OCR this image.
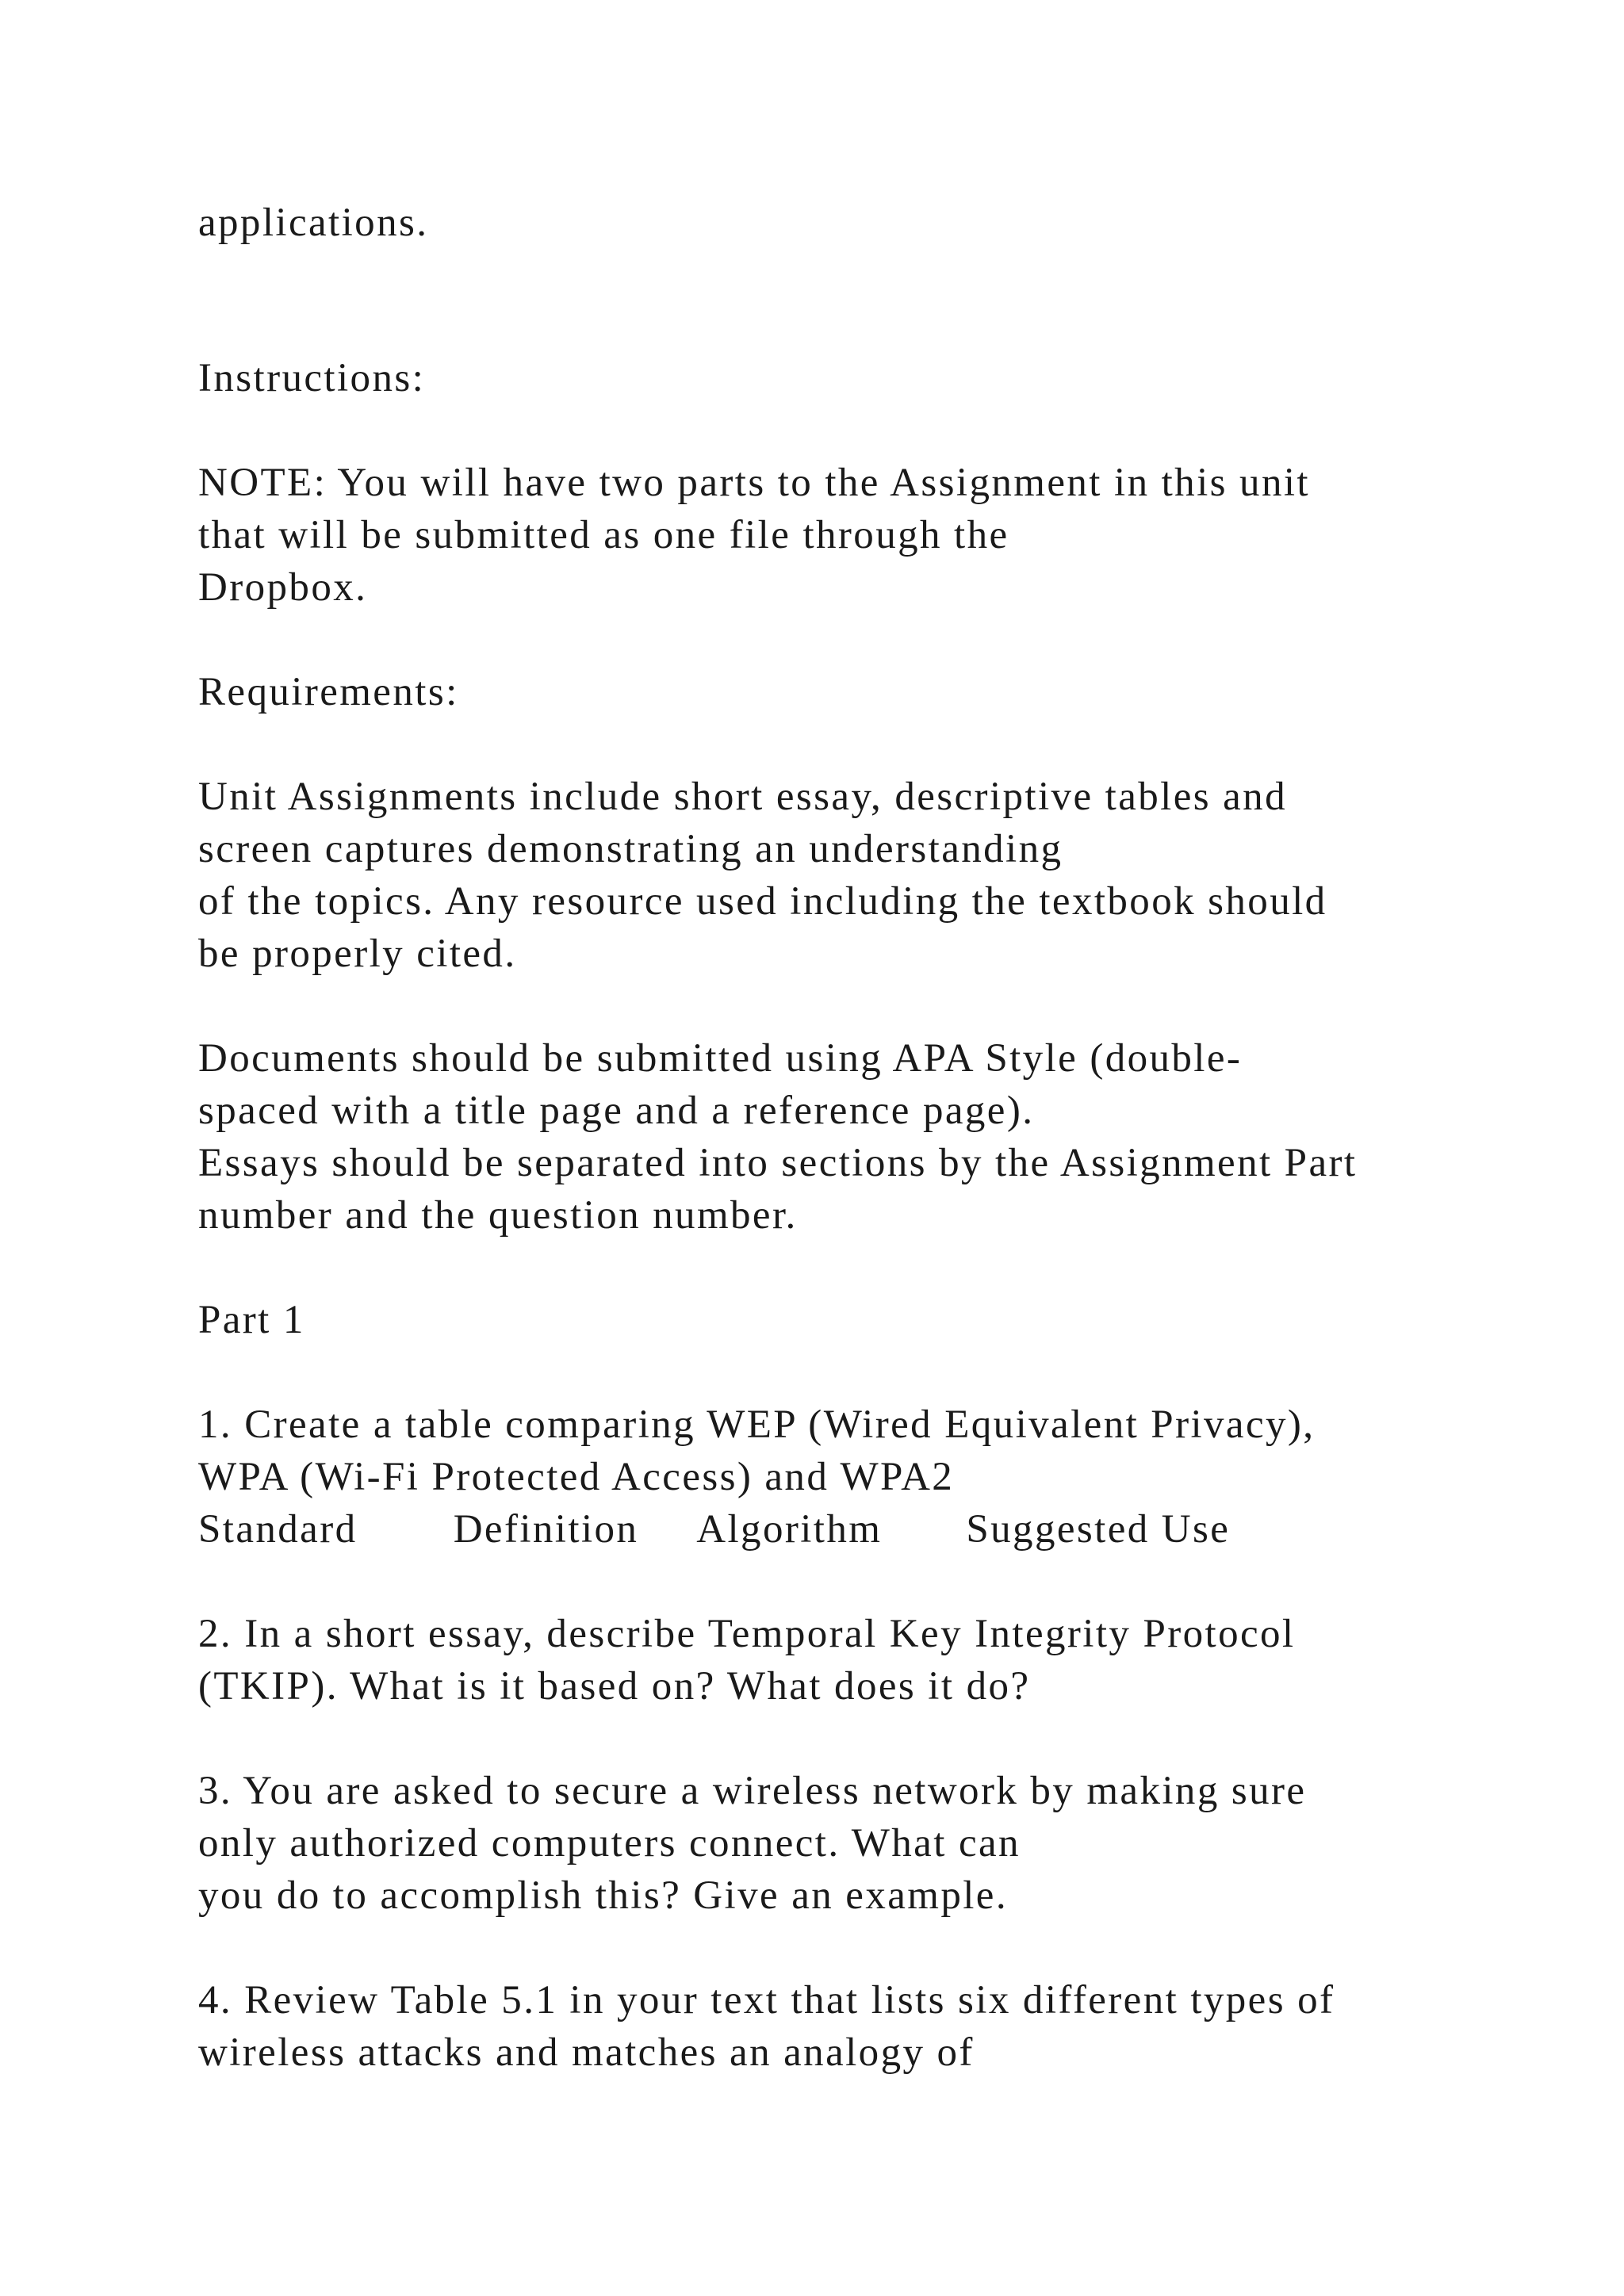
applications.

Instructions:

NOTE: You will have two parts to the Assignment in this unit

that will be submitted as one file through the

Dropbox.

Requirements:

Unit Assignments include short essay, descriptive tables and

screen captures demonstrating an understanding

of the topics. Any resource used including the textbook should

be properly cited.

Documents should be submitted using APA Style (double-

spaced with a title page and a reference page).

Essays should be separated into sections by the Assignment Part

number and the question number.

Part 1

1. Create a table comparing WEP (Wired Equivalent Privacy),

WPA (Wi-Fi Protected Access) and WPA2

Standard        Definition     Algorithm       Suggested Use

2. In a short essay, describe Temporal Key Integrity Protocol

(TKIP). What is it based on? What does it do?

3. You are asked to secure a wireless network by making sure

only authorized computers connect. What can

you do to accomplish this? Give an example.

4. Review Table 5.1 in your text that lists six different types of

wireless attacks and matches an analogy of
